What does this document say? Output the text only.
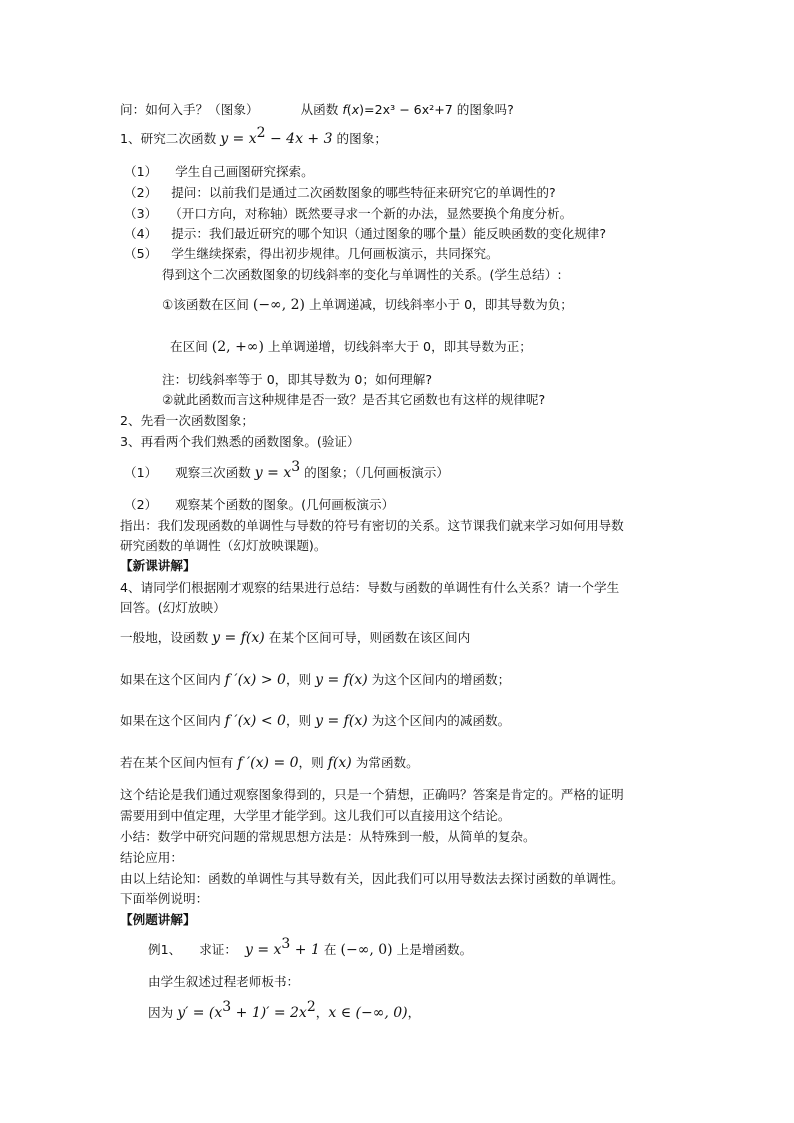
问：如何入手？（图象）	从函数 f(x)=2x³ − 6x²+7 的图象吗?
1、研究二次函数 $y = x^2 - 4x + 3$ 的图象；
（1） 学生自己画图研究探索。
（2） 提问：以前我们是通过二次函数图象的哪些特征来研究它的单调性的?
（3） （开口方向，对称轴）既然要寻求一个新的办法，显然要换个角度分析。
（4） 提示：我们最近研究的哪个知识（通过图象的哪个量）能反映函数的变化规律?
（5） 学生继续探索，得出初步规律。几何画板演示，共同探究。
得到这个二次函数图象的切线斜率的变化与单调性的关系。(学生总结）:
①该函数在区间 (−∞, 2) 上单调递减，切线斜率小于 0，即其导数为负；
在区间 (2, +∞) 上单调递增，切线斜率大于 0，即其导数为正；
注：切线斜率等于 0，即其导数为 0；如何理解?
②就此函数而言这种规律是否一致？是否其它函数也有这样的规律呢?
2、先看一次函数图象；
3、再看两个我们熟悉的函数图象。(验证）
（1） 观察三次函数 $y = x^3$ 的图象；（几何画板演示）
（2） 观察某个函数的图象。(几何画板演示）
指出：我们发现函数的单调性与导数的符号有密切的关系。这节课我们就来学习如何用导数
研究函数的单调性（幻灯放映课题)。
【新课讲解】
4、请同学们根据刚才观察的结果进行总结：导数与函数的单调性有什么关系？请一个学生
回答。(幻灯放映）
一般地，设函数 y = f(x) 在某个区间可导，则函数在该区间内
如果在这个区间内 f ′(x) > 0，则 y = f(x) 为这个区间内的增函数；
如果在这个区间内 f ′(x) < 0，则 y = f(x) 为这个区间内的减函数。
若在某个区间内恒有 f ′(x) = 0，则 f(x) 为常函数。
这个结论是我们通过观察图象得到的，只是一个猜想，正确吗？答案是肯定的。严格的证明
需要用到中值定理，大学里才能学到。这儿我们可以直接用这个结论。
小结：数学中研究问题的常规思想方法是：从特殊到一般，从简单的复杂。
结论应用：
由以上结论知：函数的单调性与其导数有关，因此我们可以用导数法去探讨函数的单调性。
下面举例说明：
【例题讲解】
例1、 求证： $y = x^3 + 1$ 在 (−∞, 0) 上是增函数。
由学生叙述过程老师板书：
因为 $y' = (x^3 + 1)' = 2x^2$，x ∈ (−∞, 0)，
